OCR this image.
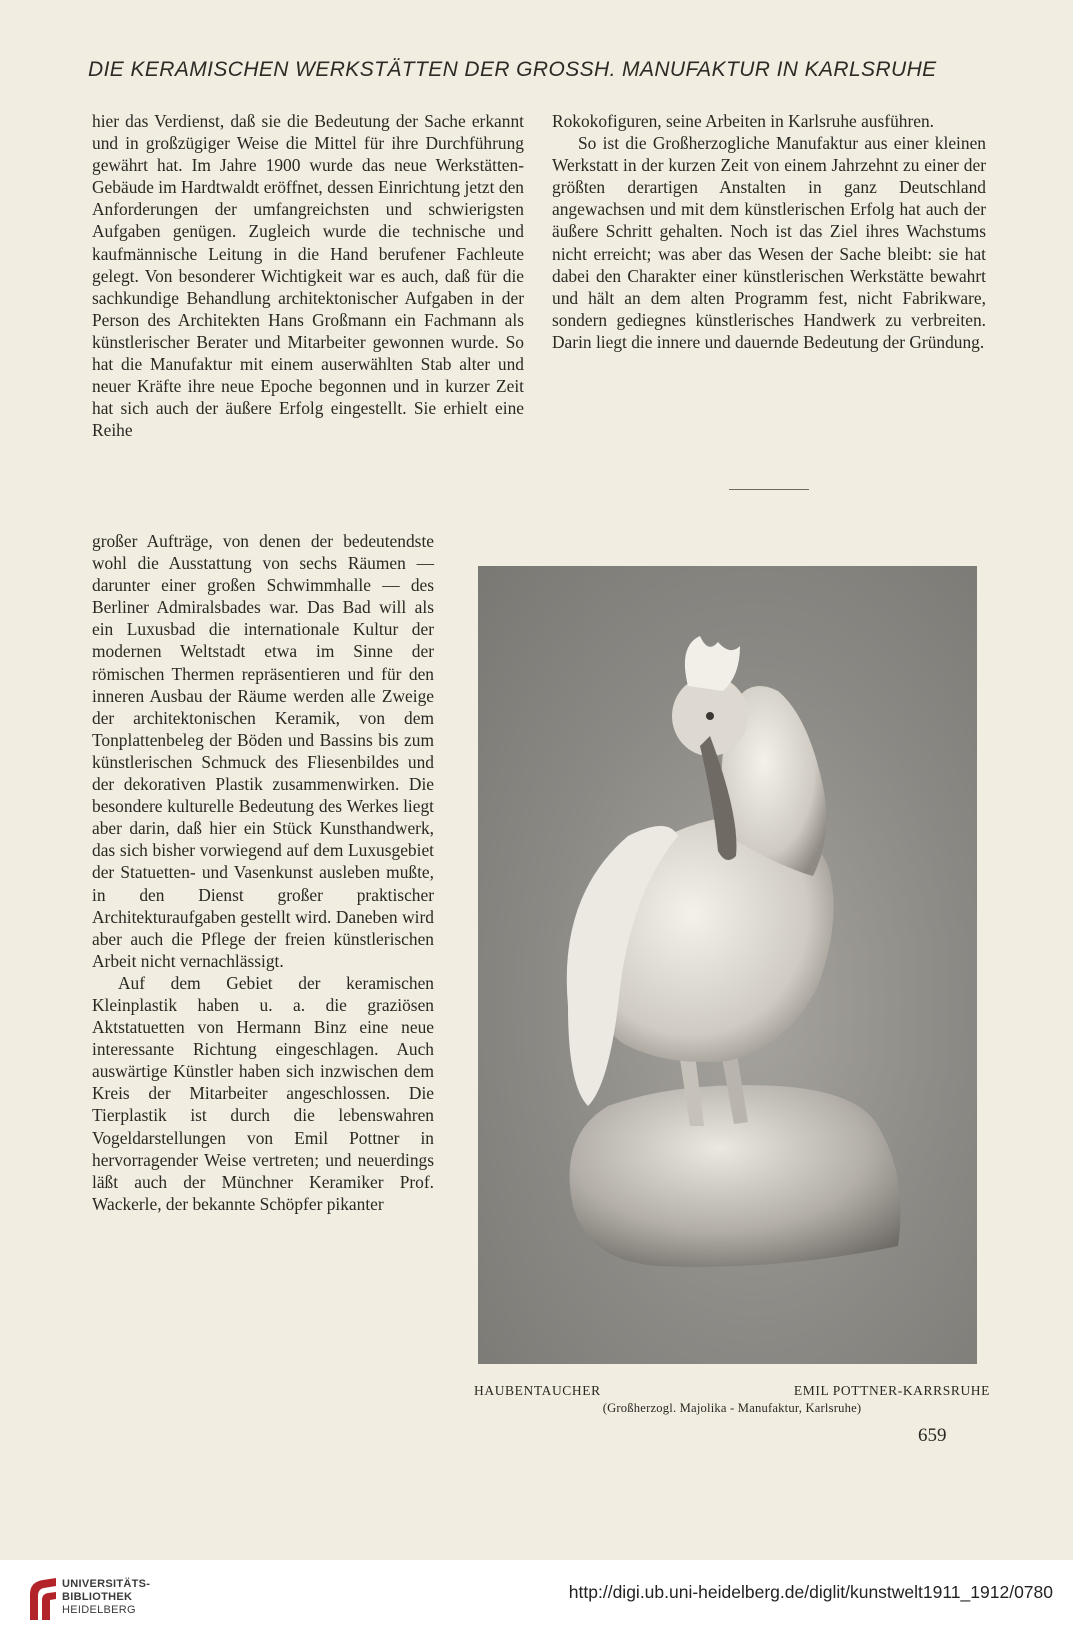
DIE KERAMISCHEN WERKSTÄTTEN DER GROSSH. MANUFAKTUR IN KARLSRUHE

hier das Verdienst, daß sie die Bedeutung der Sache erkannt und in großzügiger Weise die Mittel für ihre Durchführung gewährt hat. Im Jahre 1900 wurde das neue Werkstätten-Gebäude im Hardtwaldt eröffnet, dessen Einrichtung jetzt den Anforderungen der umfangreichsten und schwierigsten Aufgaben genügen. Zugleich wurde die technische und kaufmännische Leitung in die Hand berufener Fachleute gelegt. Von besonderer Wichtigkeit war es auch, daß für die sachkundige Behandlung architektonischer Aufgaben in der Person des Architekten Hans Großmann ein Fachmann als künstlerischer Berater und Mitarbeiter gewonnen wurde. So hat die Manufaktur mit einem auserwählten Stab alter und neuer Kräfte ihre neue Epoche begonnen und in kurzer Zeit hat sich auch der äußere Erfolg eingestellt. Sie erhielt eine Reihe

großer Aufträge, von denen der bedeutendste wohl die Ausstattung von sechs Räumen — darunter einer großen Schwimmhalle — des Berliner Admiralsbades war. Das Bad will als ein Luxusbad die internationale Kultur der modernen Weltstadt etwa im Sinne der römischen Thermen repräsentieren und für den inneren Ausbau der Räume werden alle Zweige der architektonischen Keramik, von dem Tonplattenbeleg der Böden und Bassins bis zum künstlerischen Schmuck des Fliesenbildes und der dekorativen Plastik zusammenwirken. Die besondere kulturelle Bedeutung des Werkes liegt aber darin, daß hier ein Stück Kunsthandwerk, das sich bisher vorwiegend auf dem Luxusgebiet der Statuetten- und Vasenkunst ausleben mußte, in den Dienst großer praktischer Architekturaufgaben gestellt wird. Daneben wird aber auch die Pflege der freien künstlerischen Arbeit nicht vernachlässigt.

Auf dem Gebiet der keramischen Kleinplastik haben u. a. die graziösen Aktstatuetten von Hermann Binz eine neue interessante Richtung eingeschlagen. Auch auswärtige Künstler haben sich inzwischen dem Kreis der Mitarbeiter angeschlossen. Die Tierplastik ist durch die lebenswahren Vogeldarstellungen von Emil Pottner in hervorragender Weise vertreten; und neuerdings läßt auch der Münchner Keramiker Prof. Wackerle, der bekannte Schöpfer pikanter

Rokokofiguren, seine Arbeiten in Karlsruhe ausführen.

So ist die Großherzogliche Manufaktur aus einer kleinen Werkstatt in der kurzen Zeit von einem Jahrzehnt zu einer der größten derartigen Anstalten in ganz Deutschland angewachsen und mit dem künstlerischen Erfolg hat auch der äußere Schritt gehalten. Noch ist das Ziel ihres Wachstums nicht erreicht; was aber das Wesen der Sache bleibt: sie hat dabei den Charakter einer künstlerischen Werkstätte bewahrt und hält an dem alten Programm fest, nicht Fabrikware, sondern gediegnes künstlerisches Handwerk zu verbreiten. Darin liegt die innere und dauernde Bedeutung der Gründung.

HAUBENTAUCHER	EMIL POTTNER-KARRSRUHE
(Großherzogl. Majolika - Manufaktur, Karlsruhe)
659
UNIVERSITÄTS-
BIBLIOTHEK
HEIDELBERG
http://digi.ub.uni-heidelberg.de/diglit/kunstwelt1911_1912/0780
